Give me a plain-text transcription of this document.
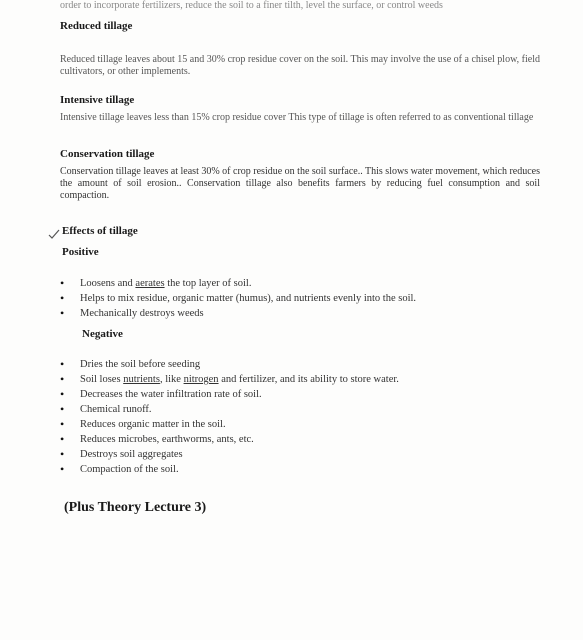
order to incorporate fertilizers, reduce the soil to a finer tilth, level the surface, or control weeds
Reduced tillage
Reduced tillage leaves about 15 and 30% crop residue cover on the soil. This may involve the use of a chisel plow, field cultivators, or other implements.
Intensive tillage
Intensive tillage leaves less than 15% crop residue cover This type of tillage is often referred to as conventional tillage
Conservation tillage
Conservation tillage leaves at least 30% of crop residue on the soil surface.. This slows water movement, which reduces the amount of soil erosion.. Conservation tillage also benefits farmers by reducing fuel consumption and soil compaction.
Effects of tillage
Positive
• Loosens and aerates the top layer of soil.
• Helps to mix residue, organic matter (humus), and nutrients evenly into the soil.
• Mechanically destroys weeds
Negative
• Dries the soil before seeding
• Soil loses nutrients, like nitrogen and fertilizer, and its ability to store water.
• Decreases the water infiltration rate of soil.
• Chemical runoff.
• Reduces organic matter in the soil.
• Reduces microbes, earthworms, ants, etc.
• Destroys soil aggregates
• Compaction of the soil.
(Plus Theory Lecture 3)
